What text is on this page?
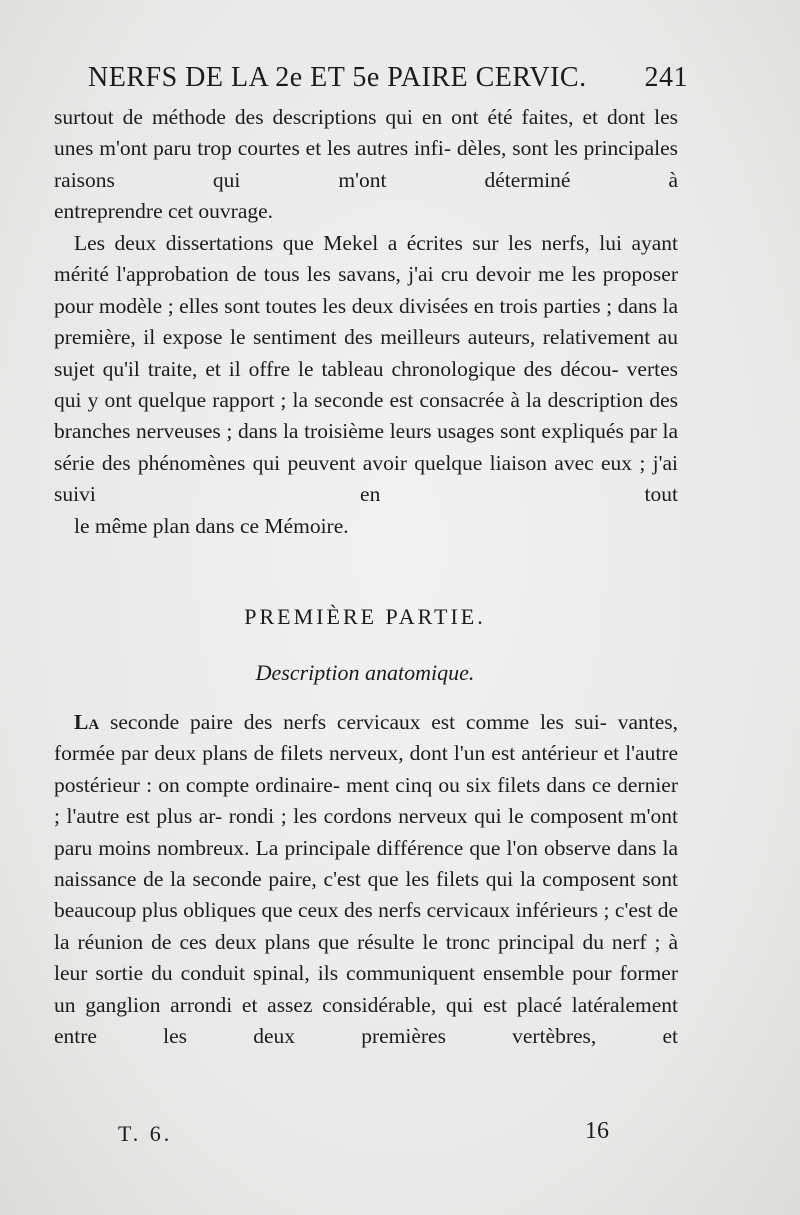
NERFS DE LA 2e ET 5e PAIRE CERVIC. 241

surtout de méthode des descriptions qui en ont été faites, et dont les unes m'ont paru trop courtes et les autres infi- dèles, sont les principales raisons qui m'ont déterminé à
entreprendre cet ouvrage.

Les deux dissertations que Mekel a écrites sur les nerfs, lui ayant mérité l'approbation de tous les savans, j'ai cru devoir me les proposer pour modèle ; elles sont toutes les deux divisées en trois parties ; dans la première, il expose le sentiment des meilleurs auteurs, relativement au sujet qu'il traite, et il offre le tableau chronologique des décou- vertes qui y ont quelque rapport ; la seconde est consacrée à la description des branches nerveuses ; dans la troisième leurs usages sont expliqués par la série des phénomènes qui peuvent avoir quelque liaison avec eux ; j'ai suivi en tout
le même plan dans ce Mémoire.

PREMIÈRE PARTIE.
Description anatomique.

La seconde paire des nerfs cervicaux est comme les sui- vantes, formée par deux plans de filets nerveux, dont l'un est antérieur et l'autre postérieur : on compte ordinaire- ment cinq ou six filets dans ce dernier ; l'autre est plus ar- rondi ; les cordons nerveux qui le composent m'ont paru moins nombreux. La principale différence que l'on observe dans la naissance de la seconde paire, c'est que les filets qui la composent sont beaucoup plus obliques que ceux des nerfs cervicaux inférieurs ; c'est de la réunion de ces deux plans que résulte le tronc principal du nerf ; à leur sortie du conduit spinal, ils communiquent ensemble pour former un ganglion arrondi et assez considérable, qui est placé latéralement entre les deux premières vertèbres, et

T. 6.	16
